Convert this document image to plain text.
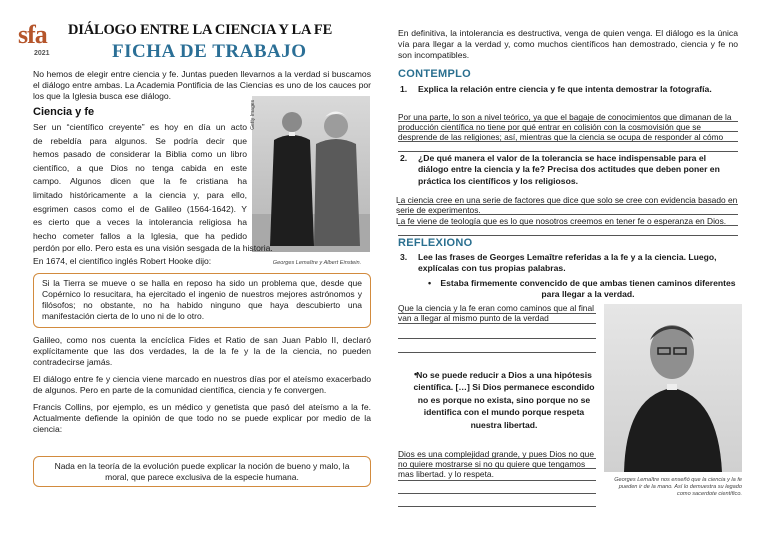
sfa
2021
DIÁLOGO ENTRE LA CIENCIA Y LA FE
FICHA DE TRABAJO
No hemos de elegir entre ciencia y fe. Juntas pueden llevarnos a la verdad si buscamos el diálogo entre ambas. La Academia Pontificia de las Ciencias es uno de los cauces por los que la Iglesia busca ese diálogo.
Ciencia y fe
Ser un “científico creyente” es hoy en día un acto
de rebeldía para algunos. Se podría decir que
hemos pasado de considerar la Biblia como un libro
científico, a que Dios no tenga cabida en este
campo. Algunos dicen que la fe cristiana ha
limitado históricamente a la ciencia y, para ello,
esgrimen casos como el de Galileo (1564-1642). Y
es cierto que a veces la intolerancia religiosa ha
hecho cometer fallos a la Iglesia, que ha pedido
Getty Images
Georges Lemaître y Albert Einstein.
perdón por ello. Pero esta es una visión sesgada de la historia.
En 1674, el científico inglés Robert Hooke dijo:
Si la Tierra se mueve o se halla en reposo ha sido un problema que, desde que Copérnico lo resucitara, ha ejercitado el ingenio de nuestros mejores astrónomos y filósofos; no obstante, no ha habido ninguno que haya descubierto una manifestación cierta de lo uno ni de lo otro.
Galileo, como nos cuenta la encíclica Fides et Ratio de san Juan Pablo II, declaró explícitamente que las dos verdades, la de la fe y la de la ciencia, no pueden contradecirse jamás.
El diálogo entre fe y ciencia viene marcado en nuestros días por el ateísmo exacerbado de algunos. Pero en parte de la comunidad científica, ciencia y fe convergen.
Francis Collins, por ejemplo, es un médico y genetista que pasó del ateísmo a la fe. Actualmente defiende la opinión de que todo no se puede explicar por medio de la ciencia:
Nada en la teoría de la evolución puede explicar la noción de bueno y malo, la moral, que parece exclusiva de la especie humana.
En definitiva, la intolerancia es destructiva, venga de quien venga. El diálogo es la única vía para llegar a la verdad y, como muchos científicos han demostrado, ciencia y fe no son incompatibles.
CONTEMPLO
1. Explica la relación entre ciencia y fe que intenta demostrar la fotografía.
Por una parte, lo son a nivel teórico, ya que el bagaje de conocimientos que dimanan de la producción científica no tiene por qué entrar en colisión con la cosmovisión que se desprende de las religiones; así, mientras que la ciencia se ocupa de responder al cómo
2. ¿De qué manera el valor de la tolerancia se hace indispensable para el diálogo entre la ciencia y la fe? Precisa dos actitudes que deben poner en práctica los científicos y los religiosos.
La ciencia cree en una serie de factores que dice que solo se cree con evidencia basado en serie de experimentos.
La fe viene de teología que es lo que nosotros creemos en tener fe o esperanza en Dios.
REFLEXIONO
3. Lee las frases de Georges Lemaître referidas a la fe y a la ciencia. Luego, explícalas con tus propias palabras.
• Estaba firmemente convencido de que ambas tienen caminos diferentes para llegar a la verdad.
Que la ciencia y la fe eran como caminos que al final van a llegar al mismo punto de la verdad
•
No se puede reducir a Dios a una hipótesis científica. […] Si Dios permanece escondido no es porque no exista, sino porque no se identifica con el mundo porque respeta nuestra libertad.
Dios es una complejidad grande, y pues Dios no que no quiere mostrarse si no qu quiere que tengamos mas libertad. y lo respeta.
Georges Lemaître nos enseñó que la ciencia y la fe pueden ir de la mano. Así lo demuestra su legado como sacerdote científico.
